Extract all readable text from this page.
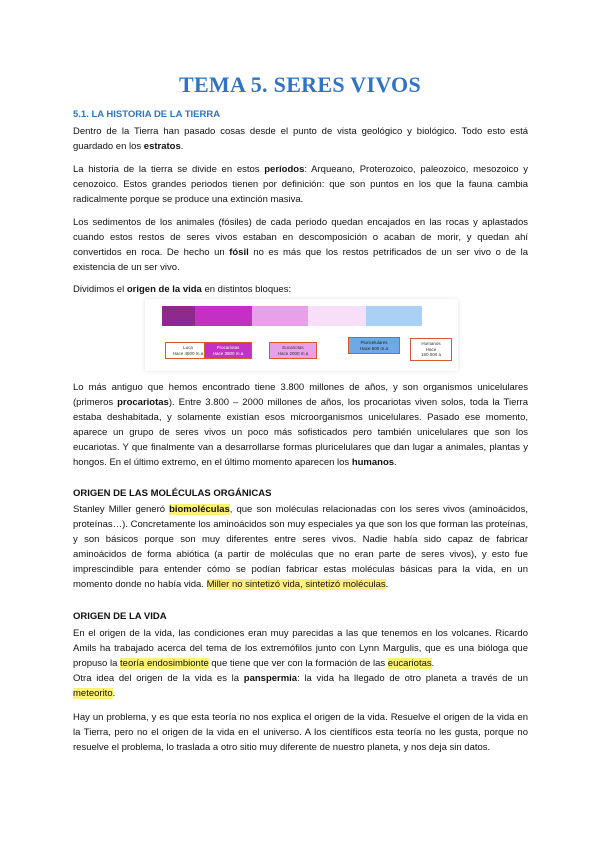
TEMA 5. SERES VIVOS
5.1. LA HISTORIA DE LA TIERRA
Dentro de la Tierra han pasado cosas desde el punto de vista geológico y biológico. Todo esto está guardado en los estratos.
La historia de la tierra se divide en estos períodos: Arqueano, Proterozoico, paleozoico, mesozoico y cenozoico. Estos grandes periodos tienen por definición: que son puntos en los que la fauna cambia radicalmente porque se produce una extinción masiva.
Los sedimentos de los animales (fósiles) de cada periodo quedan encajados en las rocas y aplastados cuando estos restos de seres vivos estaban en descomposición o acaban de morir, y quedan ahí convertidos en roca. De hecho un fósil no es más que los restos petrificados de un ser vivo o de la existencia de un ser vivo.
Dividimos el origen de la vida en distintos bloques:
Luca
Hace 4500 m.a
Procariotas
Hace 3800 m.a
Eucariotas
Hace 2000 m.a
Pluricelulares
Hace 600 m.a
Humanos
Hace
150.000 a
Lo más antiguo que hemos encontrado tiene 3.800 millones de años, y son organismos unicelulares (primeros procariotas). Entre 3.800 – 2000 millones de años, los procariotas viven solos, toda la Tierra estaba deshabitada, y solamente existían esos microorganismos unicelulares. Pasado ese momento, aparece un grupo de seres vivos un poco más sofisticados pero también unicelulares que son los eucariotas. Y que finalmente van a desarrollarse formas pluricelulares que dan lugar a animales, plantas y hongos. En el último extremo, en el último momento aparecen los humanos.
ORIGEN DE LAS MOLÉCULAS ORGÁNICAS
Stanley Miller generó biomoléculas, que son moléculas relacionadas con los seres vivos (aminoácidos, proteínas…). Concretamente los aminoácidos son muy especiales ya que son los que forman las proteínas, y son básicos porque son muy diferentes entre seres vivos. Nadie había sido capaz de fabricar aminoácidos de forma abiótica (a partir de moléculas que no eran parte de seres vivos), y esto fue imprescindible para entender cómo se podían fabricar estas moléculas básicas para la vida, en un momento donde no había vida. Miller no sintetizó vida, sintetizó moléculas.
ORIGEN DE LA VIDA
En el origen de la vida, las condiciones eran muy parecidas a las que tenemos en los volcanes. Ricardo Amils ha trabajado acerca del tema de los extremófilos junto con Lynn Margulis, que es una bióloga que propuso la teoría endosimbionte que tiene que ver con la formación de las eucariotas.
Otra idea del origen de la vida es la panspermia: la vida ha llegado de otro planeta a través de un meteorito.
Hay un problema, y es que esta teoría no nos explica el origen de la vida. Resuelve el origen de la vida en la Tierra, pero no el origen de la vida en el universo. A los científicos esta teoría no les gusta, porque no resuelve el problema, lo traslada a otro sitio muy diferente de nuestro planeta, y nos deja sin datos.
